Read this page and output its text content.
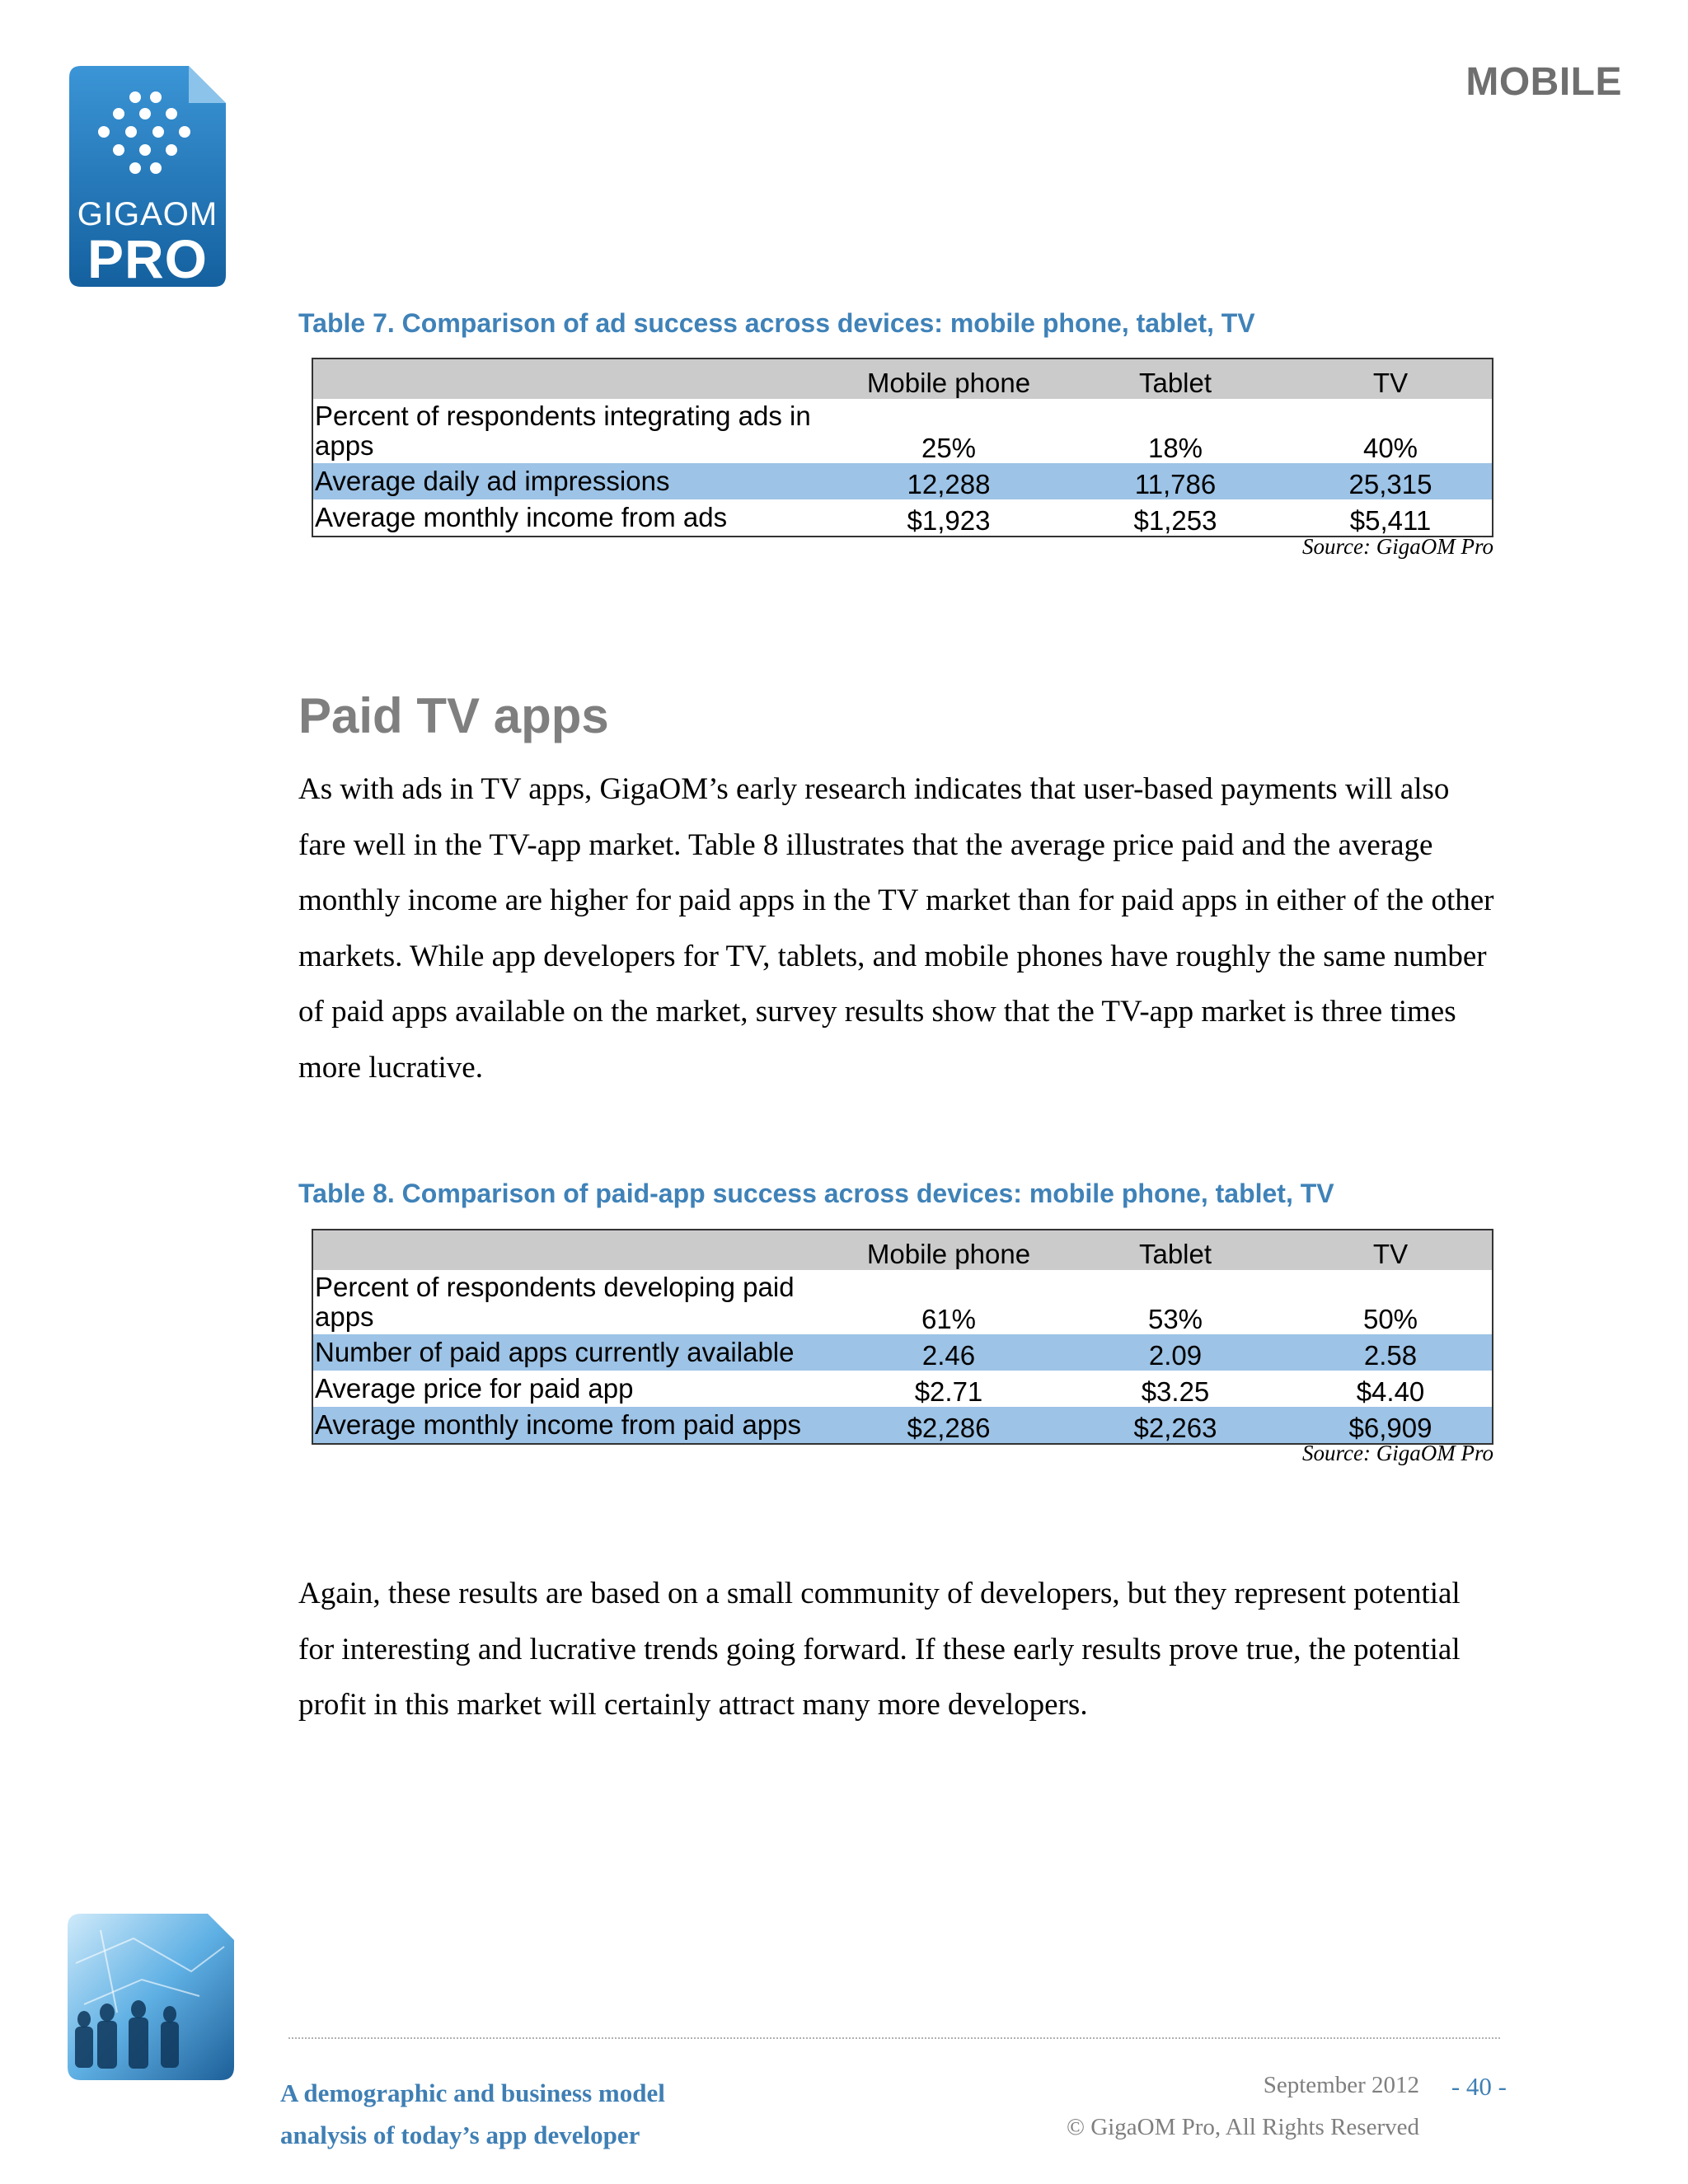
GIGAOM
PRO
MOBILE
Table 7. Comparison of ad success across devices: mobile phone, tablet, TV
	Mobile phone	Tablet	TV
Percent of respondents integrating ads in apps	25%	18%	40%
Average daily ad impressions	12,288	11,786	25,315
Average monthly income from ads	$1,923	$1,253	$5,411
Source: GigaOM Pro
Paid TV apps
As with ads in TV apps, GigaOM’s early research indicates that user-based payments will also fare well in the TV-app market. Table 8 illustrates that the average price paid and the average monthly income are higher for paid apps in the TV market than for paid apps in either of the other markets. While app developers for TV, tablets, and mobile phones have roughly the same number of paid apps available on the market, survey results show that the TV-app market is three times more lucrative.
Table 8. Comparison of paid-app success across devices: mobile phone, tablet, TV
	Mobile phone	Tablet	TV
Percent of respondents developing paid apps	61%	53%	50%
Number of paid apps currently available	2.46	2.09	2.58
Average price for paid app	$2.71	$3.25	$4.40
Average monthly income from paid apps	$2,286	$2,263	$6,909
Source: GigaOM Pro
Again, these results are based on a small community of developers, but they represent potential for interesting and lucrative trends going forward. If these early results prove true, the potential profit in this market will certainly attract many more developers.
A demographic and business model
analysis of today’s app developer
September 2012 - 40 -
© GigaOM Pro, All Rights Reserved
